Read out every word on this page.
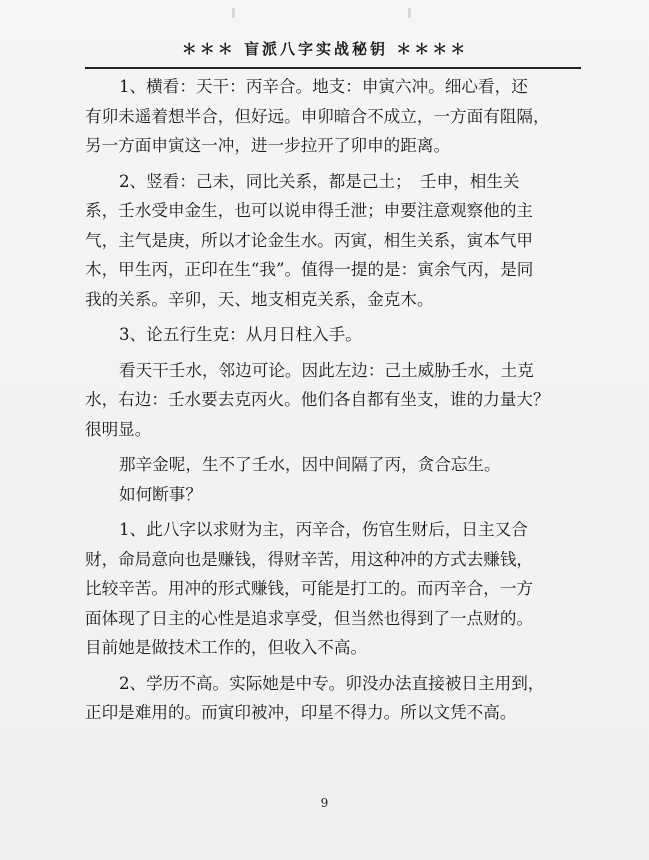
＊＊＊ 盲派八字实战秘钥 ＊＊＊＊
1、横看：天干：丙辛合。地支：申寅六冲。细心看，还
有卯未遥着想半合，但好远。申卯暗合不成立，一方面有阻隔，
另一方面申寅这一冲，进一步拉开了卯申的距离。
2、竖看：己未，同比关系，都是己土；　壬申，相生关
系，壬水受申金生，也可以说申得壬泄；申要注意观察他的主
气，主气是庚，所以才论金生水。丙寅，相生关系，寅本气甲
木，甲生丙，正印在生“我”。值得一提的是：寅余气丙，是同
我的关系。辛卯，天、地支相克关系，金克木。
3、论五行生克：从月日柱入手。
看天干壬水，邻边可论。因此左边：己土威胁壬水，土克
水，右边：壬水要去克丙火。他们各自都有坐支，谁的力量大？
很明显。
那辛金呢，生不了壬水，因中间隔了丙，贪合忘生。
如何断事？
1、此八字以求财为主，丙辛合，伤官生财后，日主又合
财，命局意向也是赚钱，得财辛苦，用这种冲的方式去赚钱，
比较辛苦。用冲的形式赚钱，可能是打工的。而丙辛合，一方
面体现了日主的心性是追求享受，但当然也得到了一点财的。
目前她是做技术工作的，但收入不高。
2、学历不高。实际她是中专。卯没办法直接被日主用到，
正印是难用的。而寅印被冲，印星不得力。所以文凭不高。
9
